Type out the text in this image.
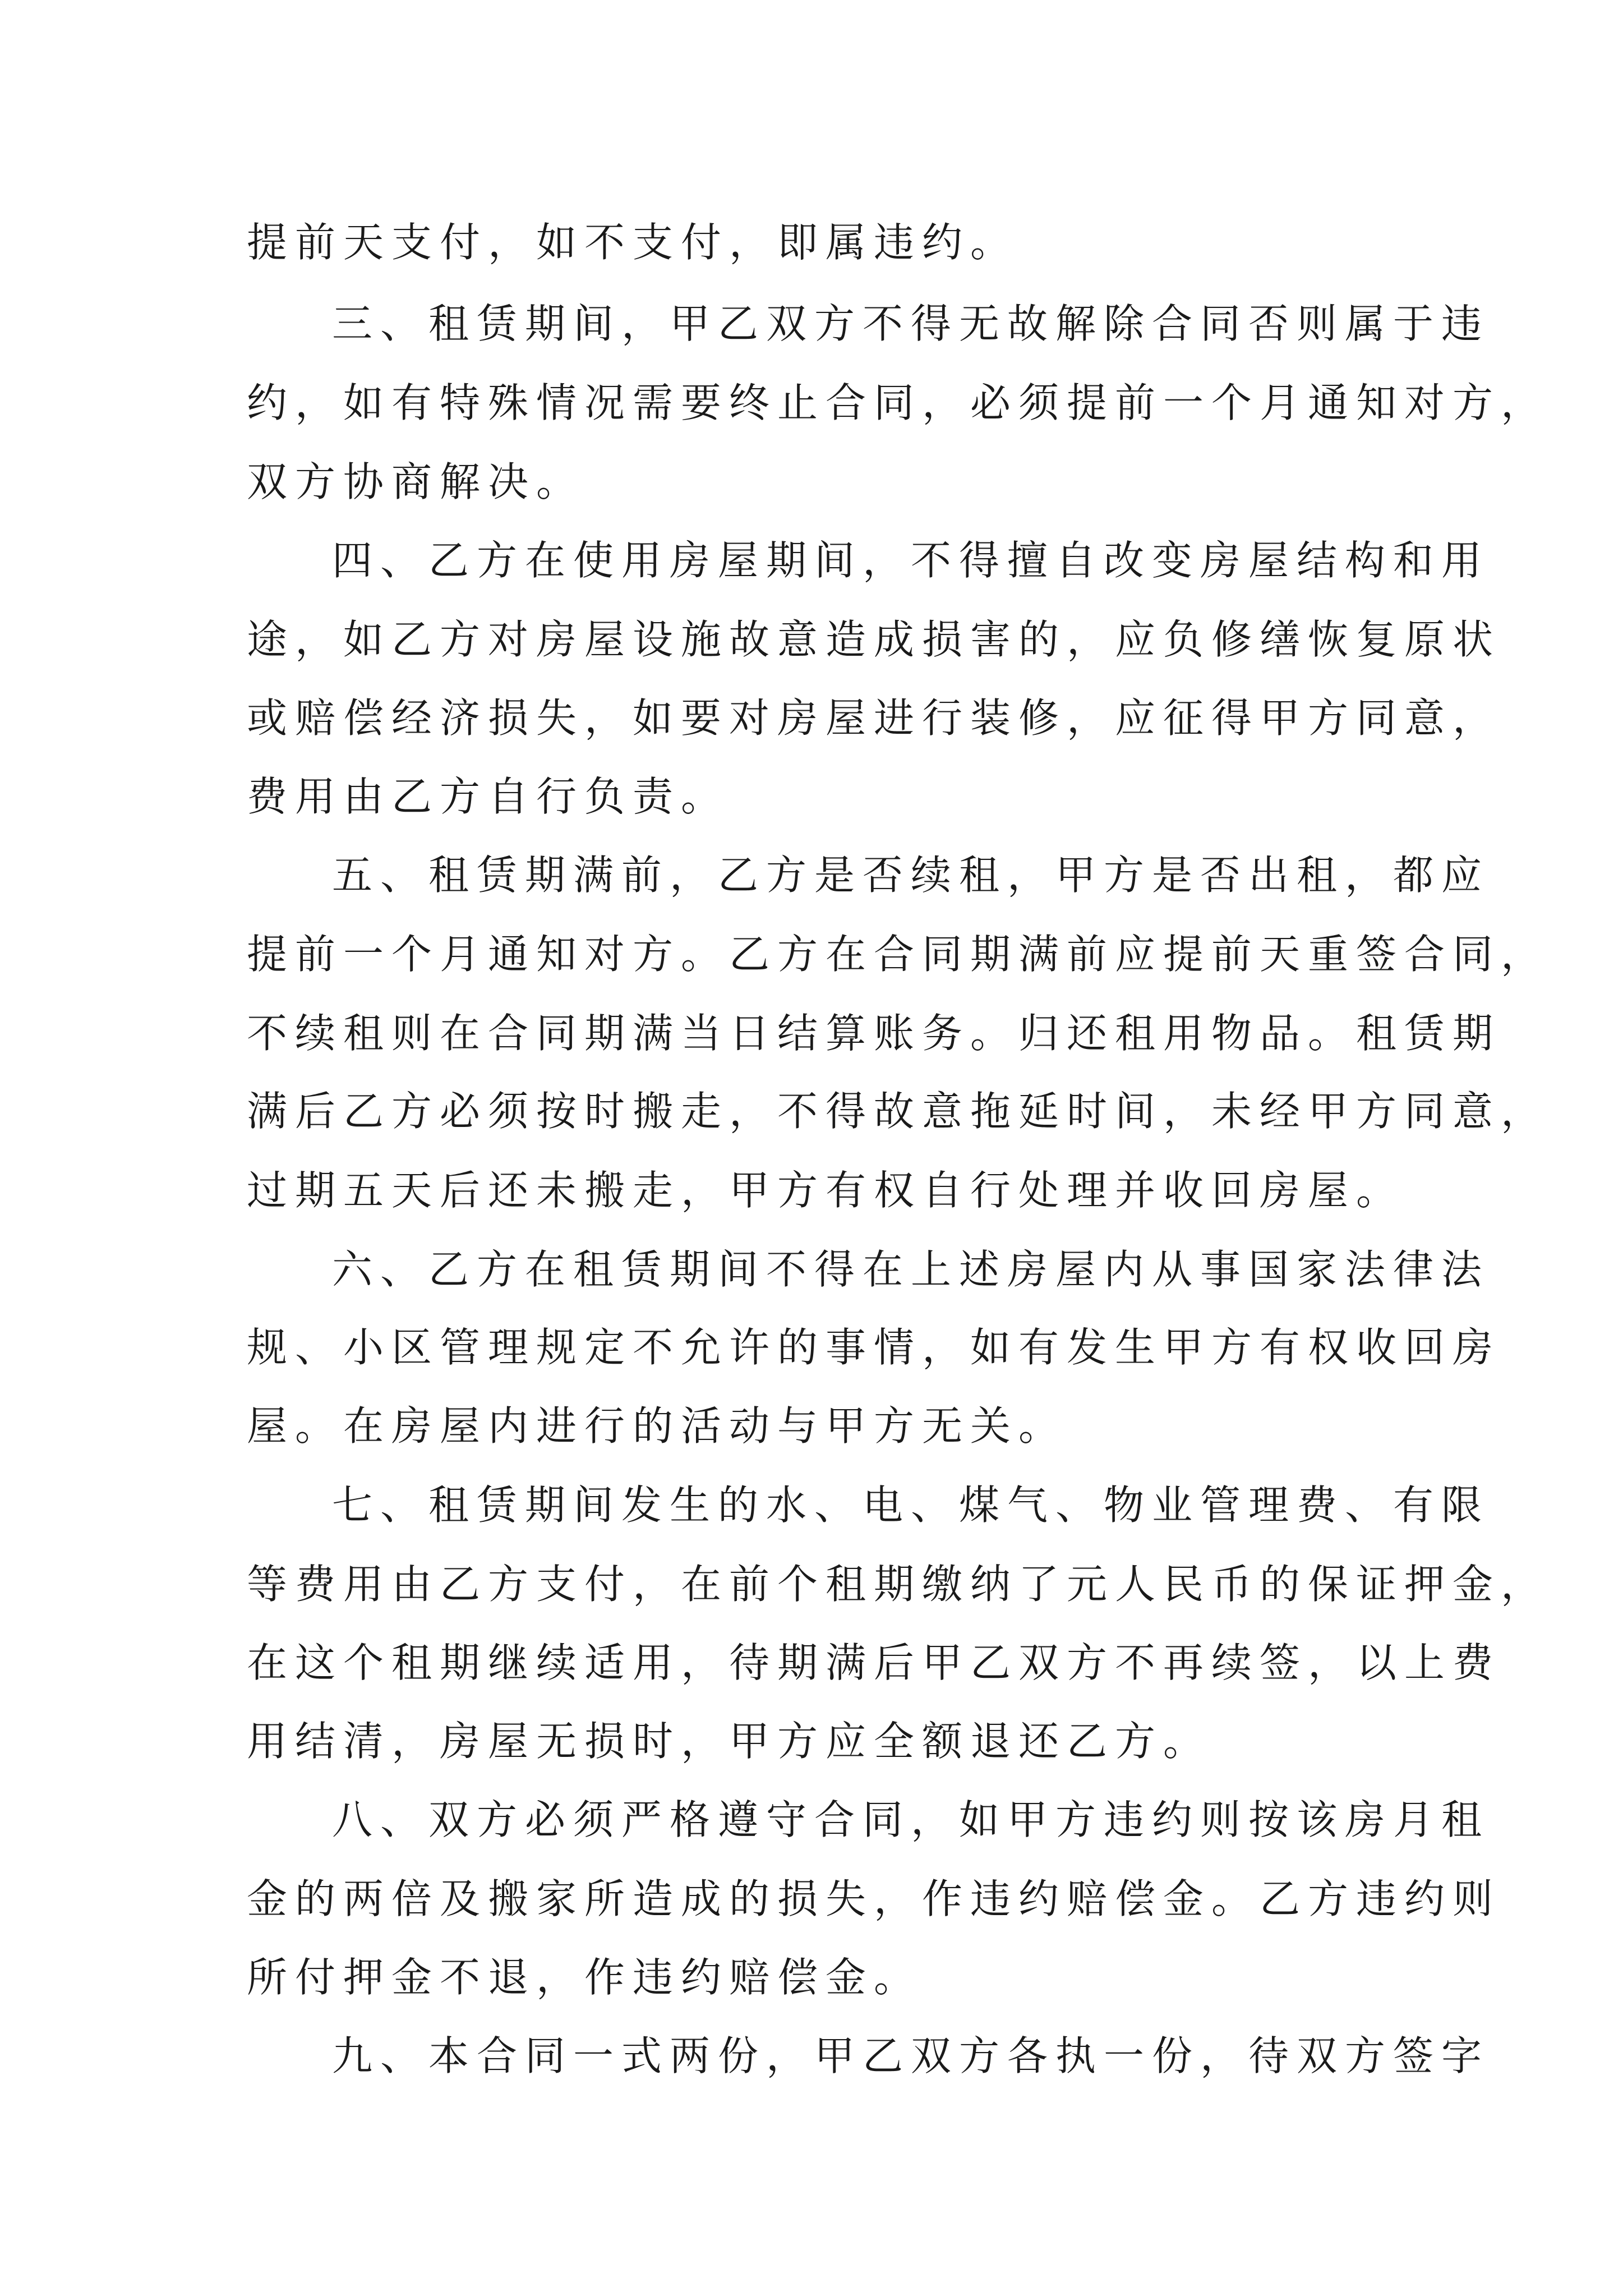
提前天支付，如不支付，即属违约。
三、租赁期间，甲乙双方不得无故解除合同否则属于违
约，如有特殊情况需要终止合同，必须提前一个月通知对方，
双方协商解决。
四、乙方在使用房屋期间，不得擅自改变房屋结构和用
途，如乙方对房屋设施故意造成损害的，应负修缮恢复原状
或赔偿经济损失，如要对房屋进行装修，应征得甲方同意，
费用由乙方自行负责。
五、租赁期满前，乙方是否续租，甲方是否出租，都应
提前一个月通知对方。乙方在合同期满前应提前天重签合同，
不续租则在合同期满当日结算账务。归还租用物品。租赁期
满后乙方必须按时搬走，不得故意拖延时间，未经甲方同意，
过期五天后还未搬走，甲方有权自行处理并收回房屋。
六、乙方在租赁期间不得在上述房屋内从事国家法律法
规、小区管理规定不允许的事情，如有发生甲方有权收回房
屋。在房屋内进行的活动与甲方无关。
七、租赁期间发生的水、电、煤气、物业管理费、有限
等费用由乙方支付，在前个租期缴纳了元人民币的保证押金，
在这个租期继续适用，待期满后甲乙双方不再续签，以上费
用结清，房屋无损时，甲方应全额退还乙方。
八、双方必须严格遵守合同，如甲方违约则按该房月租
金的两倍及搬家所造成的损失，作违约赔偿金。乙方违约则
所付押金不退，作违约赔偿金。
九、本合同一式两份，甲乙双方各执一份，待双方签字
